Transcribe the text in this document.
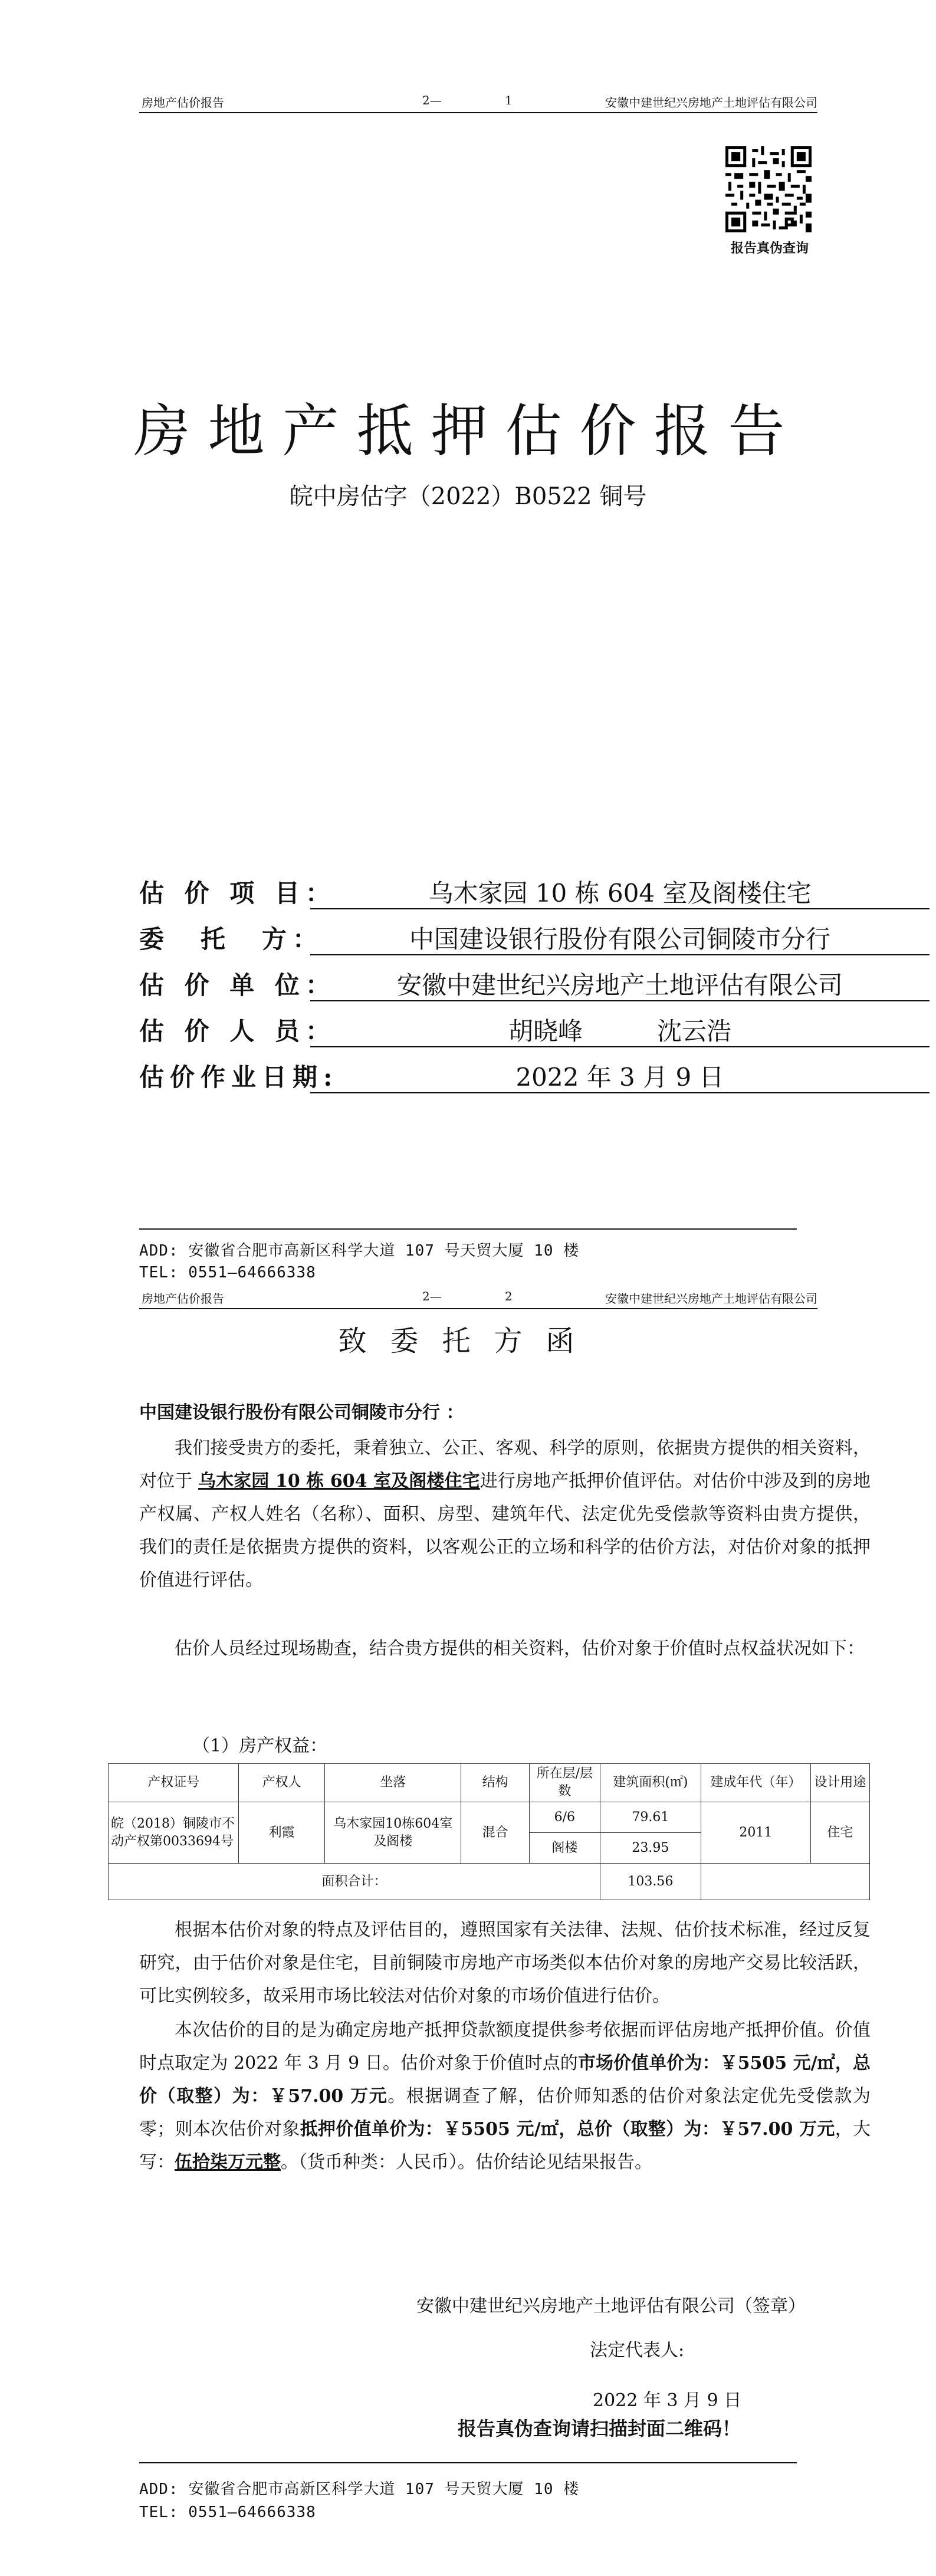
房地产估价报告	2—	1	安徽中建世纪兴房地产土地评估有限公司
报告真伪查询
房地产抵押估价报告
皖中房估字（2022）B0522 铜号
估 价 项 目：	乌木家园 10 栋 604 室及阁楼住宅
委　托　方：	中国建设银行股份有限公司铜陵市分行
估 价 单 位：	安徽中建世纪兴房地产土地评估有限公司
估 价 人 员：	胡晓峰　　　沈云浩
估价作业日期:	2022 年 3 月 9 日
ADD: 安徽省合肥市高新区科学大道 107 号天贸大厦 10 楼
TEL: 0551—64666338
房地产估价报告	2—	2	安徽中建世纪兴房地产土地评估有限公司
致委托方函
中国建设银行股份有限公司铜陵市分行 ：
我们接受贵方的委托，秉着独立、公正、客观、科学的原则，依据贵方提供的相关资料，对位于 乌木家园 10 栋 604 室及阁楼住宅进行房地产抵押价值评估。对估价中涉及到的房地产权属、产权人姓名（名称）、面积、房型、建筑年代、法定优先受偿款等资料由贵方提供，我们的责任是依据贵方提供的资料，以客观公正的立场和科学的估价方法，对估价对象的抵押价值进行评估。
估价人员经过现场勘查，结合贵方提供的相关资料，估价对象于价值时点权益状况如下：
（1）房产权益：
产权证号	产权人	坐落	结构	所在层/层数	建筑面积(㎡)	建成年代（年）	设计用途
皖（2018）铜陵市不动产权第0033694号	利霞	乌木家园10栋604室及阁楼	混合	6/6	79.61	2011	住宅
				阁楼	23.95		
面积合计：					103.56		
根据本估价对象的特点及评估目的，遵照国家有关法律、法规、估价技术标准，经过反复研究，由于估价对象是住宅，目前铜陵市房地产市场类似本估价对象的房地产交易比较活跃，可比实例较多，故采用市场比较法对估价对象的市场价值进行估价。
本次估价的目的是为确定房地产抵押贷款额度提供参考依据而评估房地产抵押价值。价值时点取定为 2022 年 3 月 9 日。估价对象于价值时点的市场价值单价为：￥5505 元/㎡，总价（取整）为：￥57.00 万元。根据调查了解，估价师知悉的估价对象法定优先受偿款为零；则本次估价对象抵押价值单价为：￥5505 元/㎡，总价（取整）为：￥57.00 万元，大写：伍拾柒万元整。（货币种类：人民币）。估价结论见结果报告。
安徽中建世纪兴房地产土地评估有限公司（签章）
法定代表人:
2022 年 3 月 9 日
报告真伪查询请扫描封面二维码！
ADD: 安徽省合肥市高新区科学大道 107 号天贸大厦 10 楼
TEL: 0551—64666338
